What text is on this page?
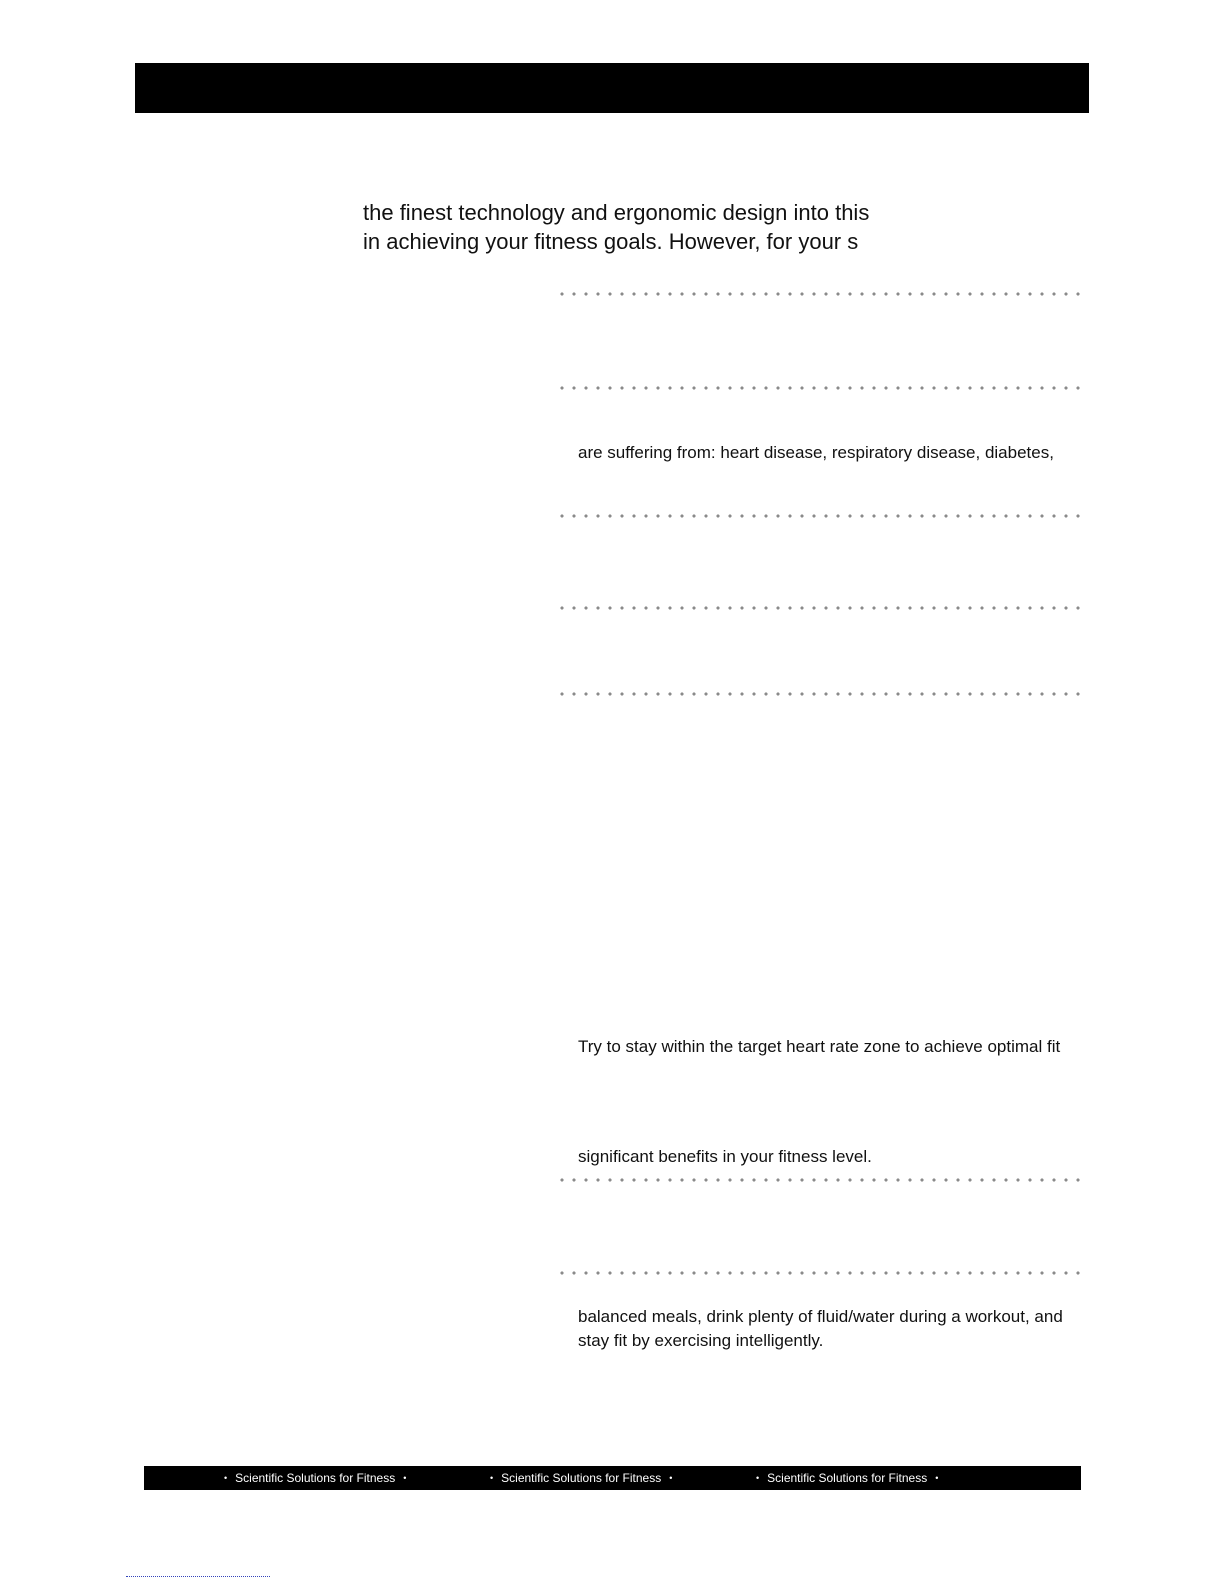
the finest technology and ergonomic design into this
in achieving your fitness goals. However, for your s
are suffering from: heart disease, respiratory disease, diabetes,
Try to stay within the target heart rate zone to achieve optimal fit
significant benefits in your fitness level.
balanced meals, drink plenty of fluid/water during a workout, and
stay fit by exercising intelligently.
• Scientific Solutions for Fitness •	• Scientific Solutions for Fitness •	• Scientific Solutions for Fitness •
